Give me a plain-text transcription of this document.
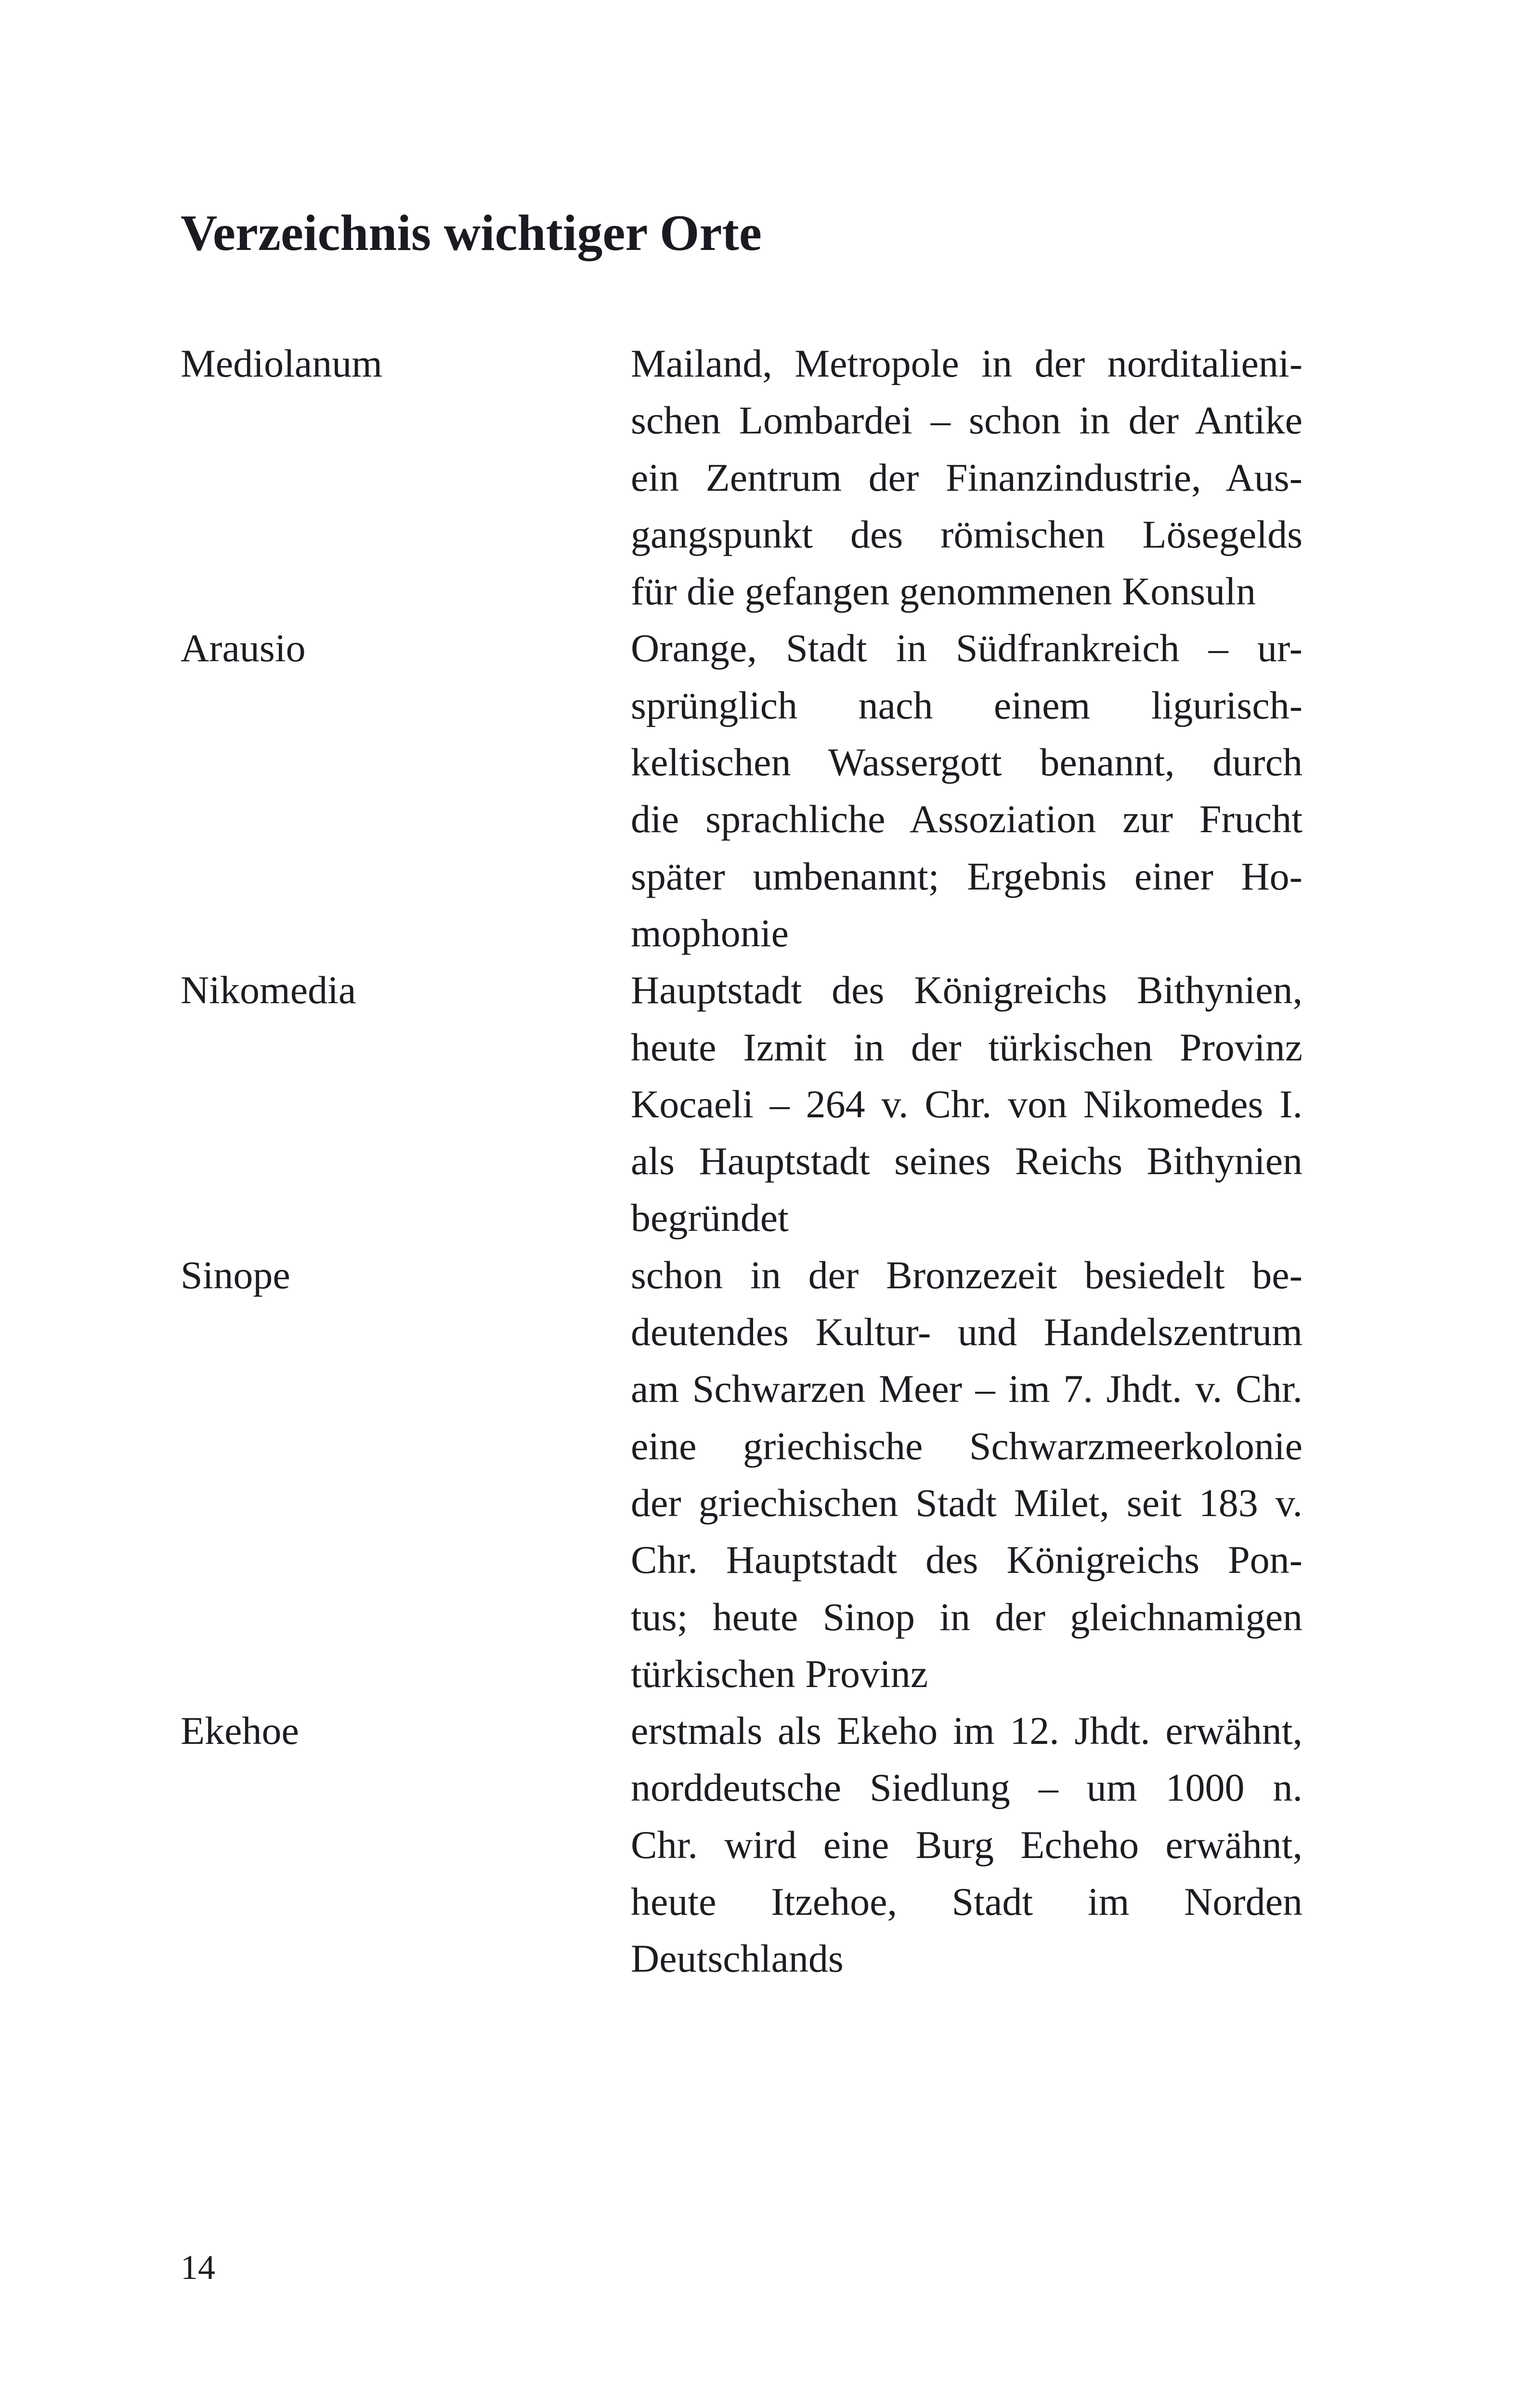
Verzeichnis wichtiger Orte
Mediolanum	Mailand, Metropole in der norditalieni-
schen Lombardei – schon in der Antike
ein Zentrum der Finanzindustrie, Aus-
gangspunkt des römischen Lösegelds
für die gefangen genommenen Konsuln
Arausio	Orange, Stadt in Südfrankreich – ur-
sprünglich nach einem ligurisch-
keltischen Wassergott benannt, durch
die sprachliche Assoziation zur Frucht
später umbenannt; Ergebnis einer Ho-
mophonie
Nikomedia	Hauptstadt des Königreichs Bithynien,
heute Izmit in der türkischen Provinz
Kocaeli – 264 v. Chr. von Nikomedes I.
als Hauptstadt seines Reichs Bithynien
begründet
Sinope	schon in der Bronzezeit besiedelt be-
deutendes Kultur- und Handelszentrum
am Schwarzen Meer – im 7. Jhdt. v. Chr.
eine griechische Schwarzmeerkolonie
der griechischen Stadt Milet, seit 183 v.
Chr. Hauptstadt des Königreichs Pon-
tus; heute Sinop in der gleichnamigen
türkischen Provinz
Ekehoe	erstmals als Ekeho im 12. Jhdt. erwähnt,
norddeutsche Siedlung – um 1000 n.
Chr. wird eine Burg Echeho erwähnt,
heute Itzehoe, Stadt im Norden
Deutschlands
14
